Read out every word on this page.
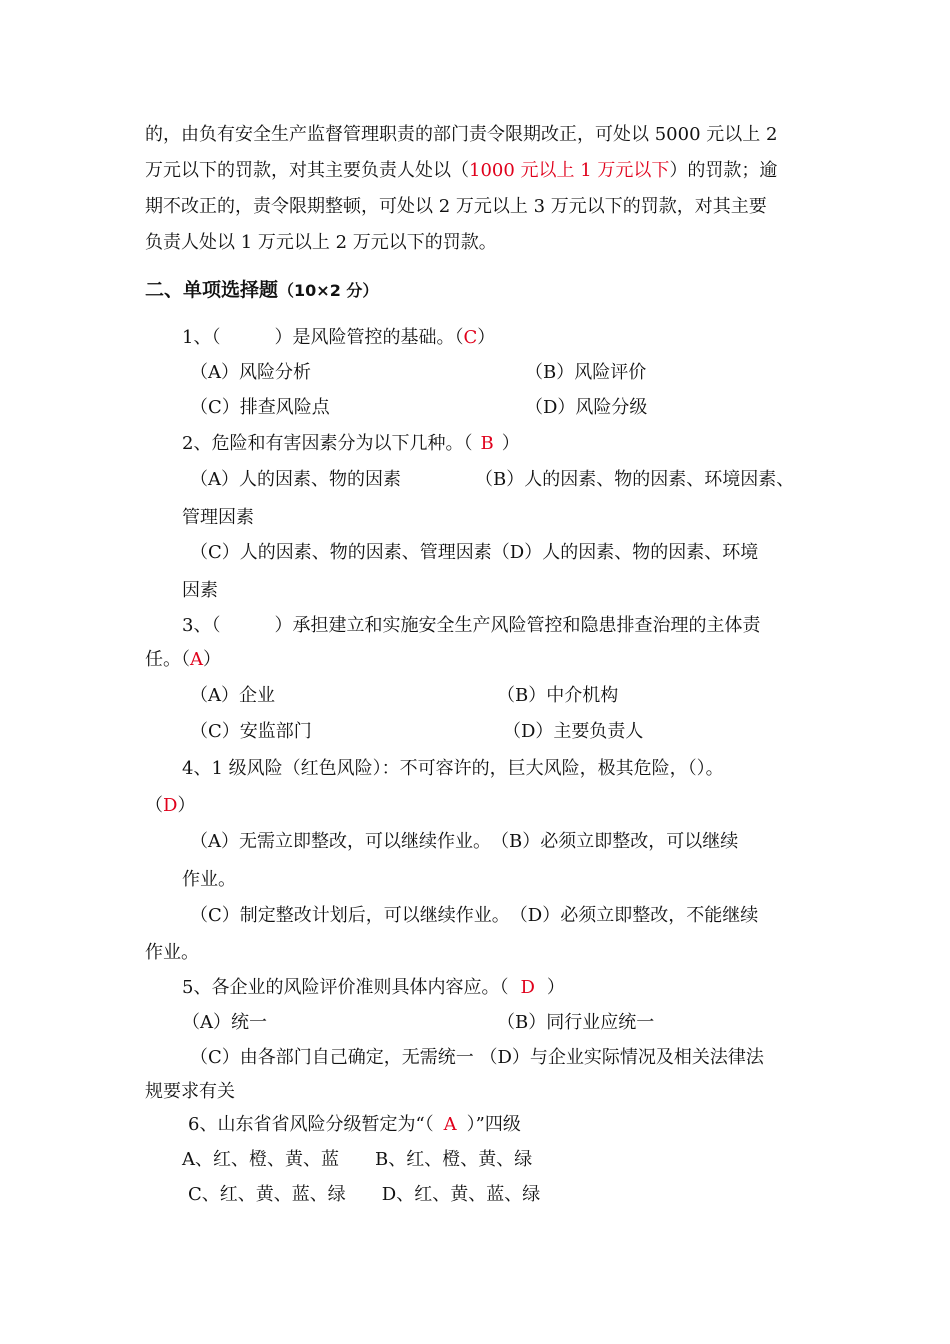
的，由负有安全生产监督管理职责的部门责令限期改正，可处以 5000 元以上 2
万元以下的罚款，对其主要负责人处以（1000 元以上 1 万元以下）的罚款；逾
期不改正的，责令限期整顿，可处以 2 万元以上 3 万元以下的罚款，对其主要
负责人处以 1 万元以上 2 万元以下的罚款。
二、单项选择题（10×2 分）
1、（　　　）是风险管控的基础。（C）
（A）风险分析	（B）风险评价
（C）排查风险点	（D）风险分级
2、危险和有害因素分为以下几种。（ B ）
（A）人的因素、物的因素	（B）人的因素、物的因素、环境因素、
管理因素
（C）人的因素、物的因素、管理因素（D）人的因素、物的因素、环境
因素
3、（　　　）承担建立和实施安全生产风险管控和隐患排查治理的主体责
任。（A）
（A）企业	（B）中介机构
（C）安监部门	（D）主要负责人
4、1 级风险（红色风险）：不可容许的，巨大风险，极其危险，（）。
（D）
（A）无需立即整改，可以继续作业。　（B）必须立即整改，可以继续
作业。
（C）制定整改计划后，可以继续作业。　（D）必须立即整改，不能继续
作业。
5、各企业的风险评价准则具体内容应。（ D ）
（A）统一	（B）同行业应统一
（C）由各部门自己确定，无需统一 （D）与企业实际情况及相关法律法
规要求有关
6、山东省省风险分级暂定为“（ A ）”四级
A、红、橙、黄、蓝　　B、红、橙、黄、绿
C、红、黄、蓝、绿　　D、红、黄、蓝、绿
